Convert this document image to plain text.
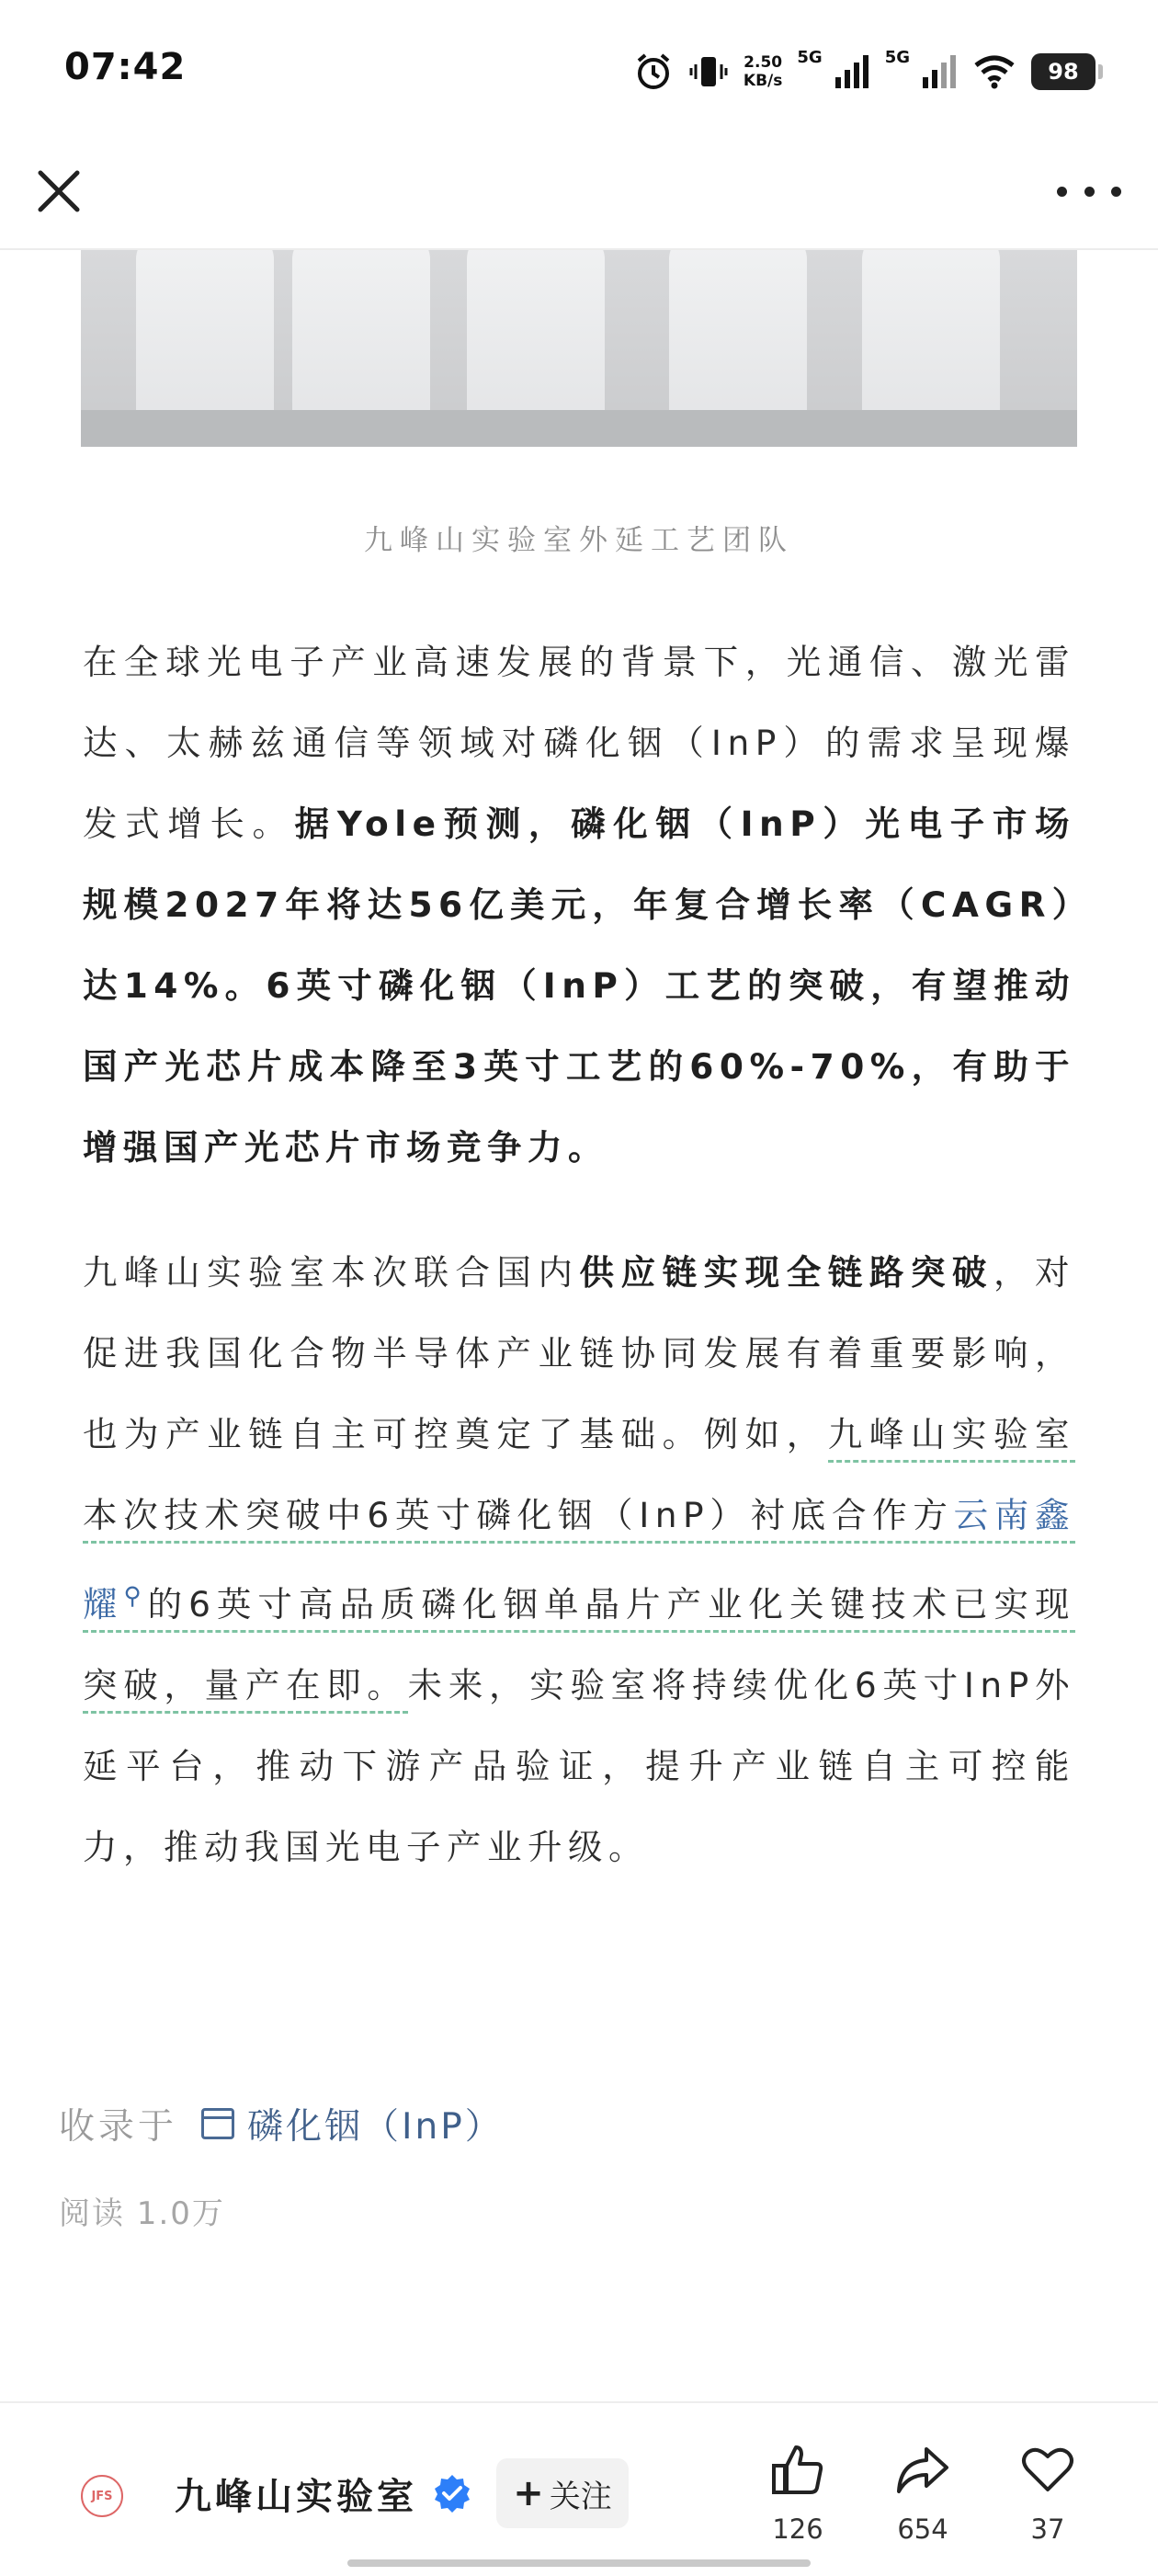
07:42	2.50
KB/s
5G	5G
98
九峰山实验室外延工艺团队

在全球光电子产业高速发展的背景下，光通信、激光雷达、太赫兹通信等领域对磷化铟（InP）的需求呈现爆发式增长。据Yole预测，磷化铟（InP）光电子市场规模2027年将达56亿美元，年复合增长率（CAGR）达14%。6英寸磷化铟（InP）工艺的突破，有望推动国产光芯片成本降至3英寸工艺的60%-70%，有助于增强国产光芯片市场竞争力。

九峰山实验室本次联合国内供应链实现全链路突破，对促进我国化合物半导体产业链协同发展有着重要影响，也为产业链自主可控奠定了基础。例如，九峰山实验室本次技术突破中6英寸磷化铟（InP）衬底合作方云南鑫耀⚲的6英寸高品质磷化铟单晶片产业化关键技术已实现突破，量产在即。未来，实验室将持续优化6英寸InP外延平台，推动下游产品验证，提升产业链自主可控能力，推动我国光电子产业升级。

收录于 磷化铟（InP）
阅读 1.0万
JFS 九峰山实验室	+ 关注
126	654	37
